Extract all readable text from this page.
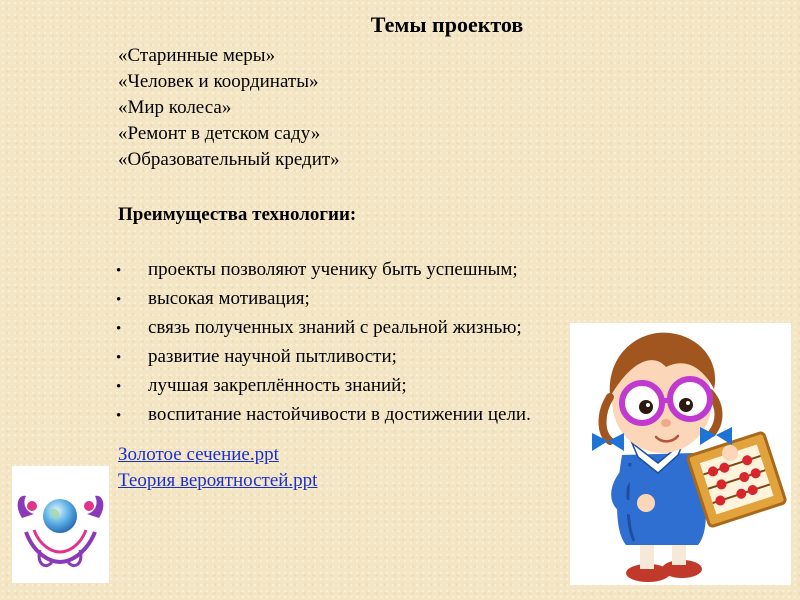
Темы проектов
«Старинные меры»
«Человек и координаты»
«Мир колеса»
«Ремонт в детском саду»
«Образовательный кредит»
Преимущества технологии:
•	проекты позволяют ученику быть успешным;
•	высокая мотивация;
•	связь полученных знаний с реальной жизнью;
•	развитие научной пытливости;
•	лучшая закреплённость знаний;
•	воспитание настойчивости в достижении цели.
Золотое сечение.ppt
Теория вероятностей.ppt
